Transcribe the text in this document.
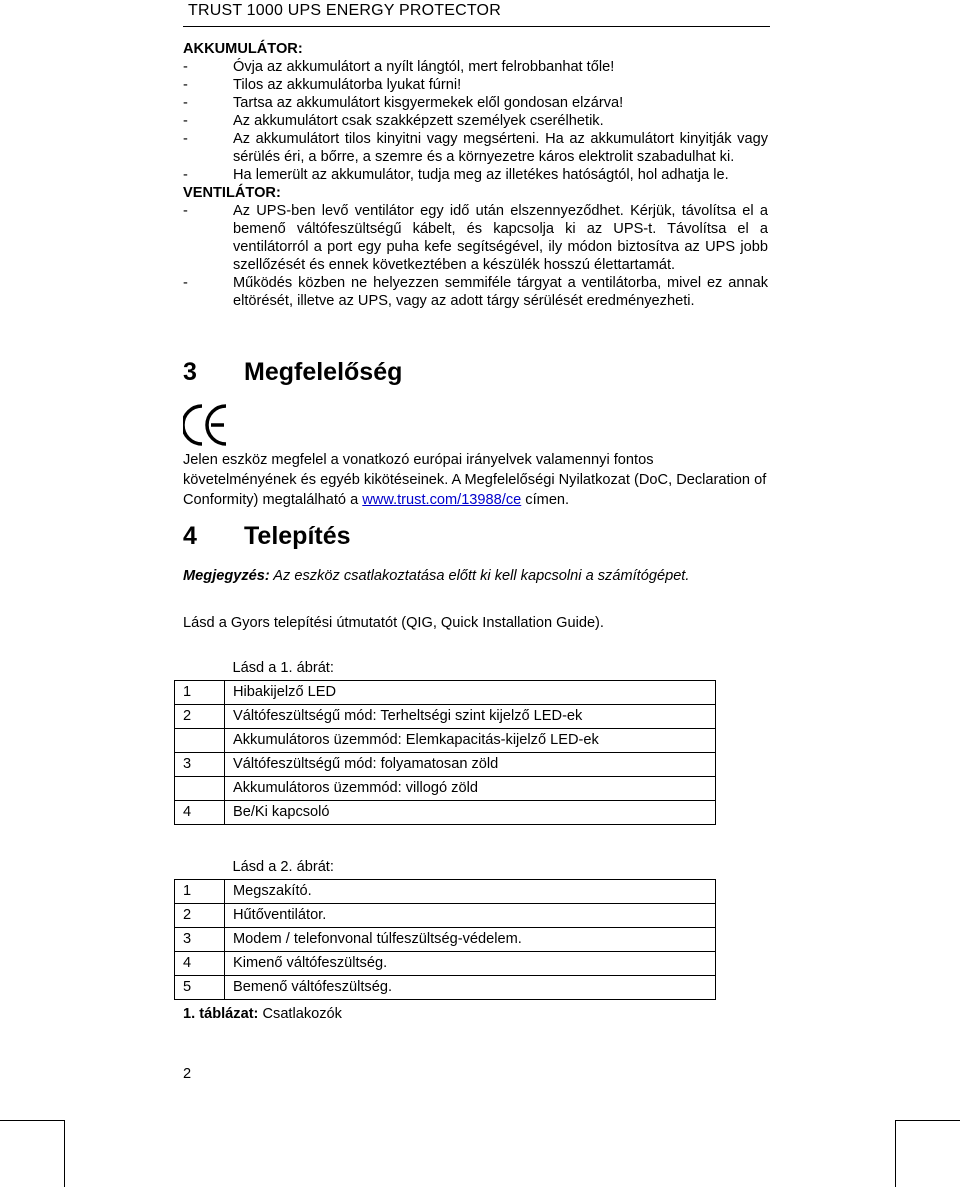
TRUST 1000 UPS ENERGY PROTECTOR
AKKUMULÁTOR:
-	Óvja az akkumulátort a nyílt lángtól, mert felrobbanhat tőle!
-	Tilos az akkumulátorba lyukat fúrni!
-	Tartsa az akkumulátort kisgyermekek elől gondosan elzárva!
-	Az akkumulátort csak szakképzett személyek cserélhetik.
-	Az akkumulátort tilos kinyitni vagy megsérteni. Ha az akkumulátort kinyitják vagy sérülés éri, a bőrre, a szemre és a környezetre káros elektrolit szabadulhat ki.
-	Ha lemerült az akkumulátor, tudja meg az illetékes hatóságtól, hol adhatja le.
VENTILÁTOR:
-	Az UPS-ben levő ventilátor egy idő után elszennyeződhet. Kérjük, távolítsa el a bemenő váltófeszültségű kábelt, és kapcsolja ki az UPS-t. Távolítsa el a ventilátorról a port egy puha kefe segítségével, ily módon biztosítva az UPS jobb szellőzését és ennek következtében a készülék hosszú élettartamát.
-	Működés közben ne helyezzen semmiféle tárgyat a ventilátorba, mivel ez annak eltörését, illetve az UPS, vagy az adott tárgy sérülését eredményezheti.
3 Megfelelőség
Jelen eszköz megfelel a vonatkozó európai irányelvek valamennyi fontos követelményének és egyéb kikötéseinek. A Megfelelőségi Nyilatkozat (DoC, Declaration of Conformity) megtalálható a www.trust.com/13988/ce címen.
4 Telepítés
Megjegyzés: Az eszköz csatlakoztatása előtt ki kell kapcsolni a számítógépet.
Lásd a Gyors telepítési útmutatót (QIG, Quick Installation Guide).
	Lásd a 1. ábrát:
1	Hibakijelző LED
2	Váltófeszültségű mód: Terheltségi szint kijelző LED-ek
	Akkumulátoros üzemmód: Elemkapacitás-kijelző LED-ek
3	Váltófeszültségű mód: folyamatosan zöld
	Akkumulátoros üzemmód: villogó zöld
4	Be/Ki kapcsoló
	Lásd a 2. ábrát:
1	Megszakító.
2	Hűtőventilátor.
3	Modem / telefonvonal túlfeszültség-védelem.
4	Kimenő váltófeszültség.
5	Bemenő váltófeszültség.
1. táblázat: Csatlakozók
2
